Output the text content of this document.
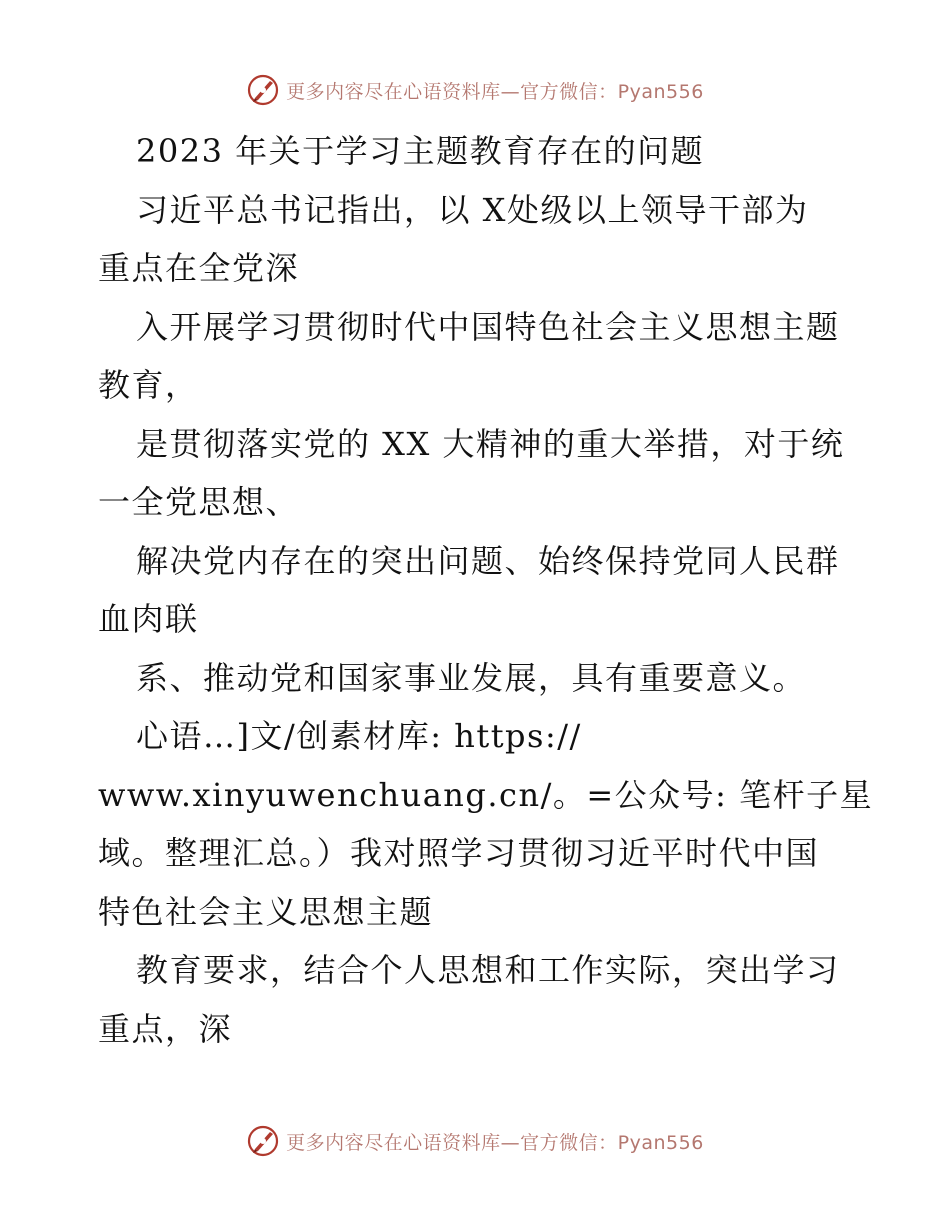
更多内容尽在心语资料库—官方微信：Pyan556
2023 年关于学习主题教育存在的问题
习近平总书记指出，以 X处级以上领导干部为
重点在全党深
入开展学习贯彻时代中国特色社会主义思想主题
教育，
是贯彻落实党的 XX 大精神的重大举措，对于统
一全党思想、
解决党内存在的突出问题、始终保持党同人民群
血肉联
系、推动党和国家事业发展，具有重要意义。
心语…]文/创素材库: https://
www.xinyuwenchuang.cn/。=公众号: 笔杆子星
域。整理汇总。）我对照学习贯彻习近平时代中国
特色社会主义思想主题
教育要求，结合个人思想和工作实际，突出学习
重点，深
更多内容尽在心语资料库—官方微信：Pyan556
